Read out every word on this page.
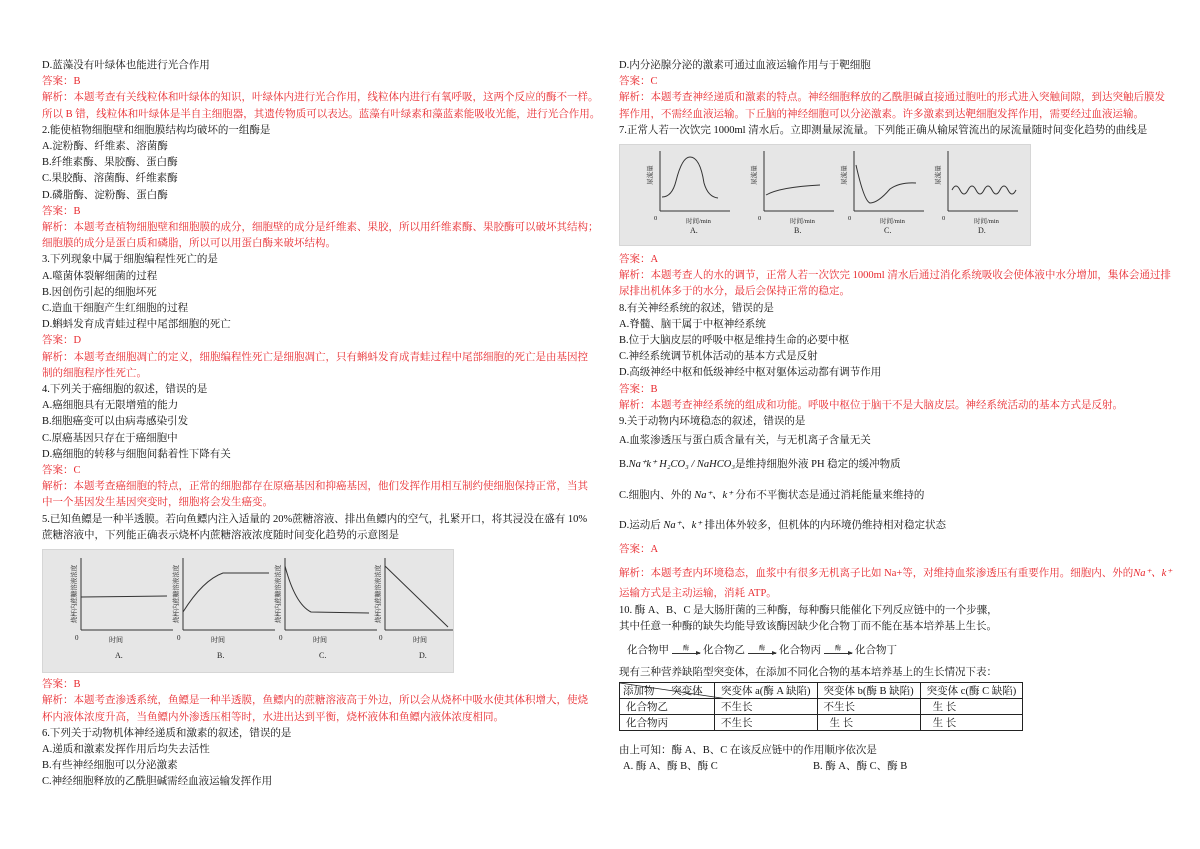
D.蓝藻没有叶绿体也能进行光合作用
答案：B
解析：本题考查有关线粒体和叶绿体的知识，叶绿体内进行光合作用，线粒体内进行有氧呼吸，这两个反应的酶不一样。
所以 B 错，线粒体和叶绿体是半自主细胞器，其遗传物质可以表达。蓝藻有叶绿素和藻蓝素能吸收光能，进行光合作用。
2.能使植物细胞壁和细胞膜结构均破坏的一组酶是
A.淀粉酶、纤维素、溶菌酶
B.纤维素酶、果胶酶、蛋白酶
C.果胶酶、溶菌酶、纤维素酶
D.磷脂酶、淀粉酶、蛋白酶
答案：B
解析：本题考查植物细胞壁和细胞膜的成分，细胞壁的成分是纤维素、果胶，所以用纤维素酶、果胶酶可以破坏其结构；
细胞膜的成分是蛋白质和磷脂，所以可以用蛋白酶来破坏结构。
3.下列现象中属于细胞编程性死亡的是
A.噬菌体裂解细菌的过程
B.因创伤引起的细胞坏死
C.造血干细胞产生红细胞的过程
D.蝌蚪发育成青蛙过程中尾部细胞的死亡
答案：D
解析：本题考查细胞凋亡的定义，细胞编程性死亡是细胞凋亡，只有蝌蚪发育成青蛙过程中尾部细胞的死亡是由基因控
制的细胞程序性死亡。
4.下列关于癌细胞的叙述，错误的是
A.癌细胞具有无限增殖的能力
B.细胞癌变可以由病毒感染引发
C.原癌基因只存在于癌细胞中
D.癌细胞的转移与细胞间黏着性下降有关
答案：C
解析：本题考查癌细胞的特点，正常的细胞都存在原癌基因和抑癌基因，他们发挥作用相互制约使细胞保持正常，当其
中一个基因发生基因突变时，细胞将会发生癌变。
5.已知鱼鳔是一种半透膜。若向鱼鳔内注入适量的 20%蔗糖溶液、排出鱼鳔内的空气，扎紧开口，将其浸没在盛有 10%
蔗糖溶液中，下列能正确表示烧杯内蔗糖溶液浓度随时间变化趋势的示意图是
0	时间
烧杯内蔗糖溶液浓度
A.
0	时间
烧杯内蔗糖溶液浓度
B.
0	时间
烧杯内蔗糖溶液浓度
C.
0	时间
烧杯内蔗糖溶液浓度
D.
答案：B
解析：本题考查渗透系统，鱼鳔是一种半透膜，鱼鳔内的蔗糖溶液高于外边，所以会从烧杯中吸水使其体积增大，使烧
杯内液体浓度升高，当鱼鳔内外渗透压相等时，水进出达到平衡，烧杯液体和鱼鳔内液体浓度相同。
6.下列关于动物机体神经递质和激素的叙述，错误的是
A.递质和激素发挥作用后均失去活性
B.有些神经细胞可以分泌激素
C.神经细胞释放的乙酰胆碱需经血液运输发挥作用
D.内分泌腺分泌的激素可通过血液运输作用与于靶细胞
答案：C
解析：本题考查神经递质和激素的特点。神经细胞释放的乙酰胆碱直接通过胞吐的形式进入突触间隙，到达突触后膜发
挥作用，不需经血液运输。下丘脑的神经细胞可以分泌激素。许多激素到达靶细胞发挥作用，需要经过血液运输。
7.正常人若一次饮完 1000ml 清水后。立即测量尿流量。下列能正确从输尿管流出的尿流量随时间变化趋势的曲线是
0	时间/min
尿流量
A.
0	时间/min
尿流量
B.
0	时间/min
尿流量
C.
0	时间/min
尿流量
D.
答案：A
解析：本题考查人的水的调节，正常人若一次饮完 1000ml 清水后通过消化系统吸收会使体液中水分增加，集体会通过排
尿排出机体多于的水分，最后会保持正常的稳定。
8.有关神经系统的叙述，错误的是
A.脊髓、脑干属于中枢神经系统
B.位于大脑皮层的呼吸中枢是维持生命的必要中枢
C.神经系统调节机体活动的基本方式是反射
D.高级神经中枢和低级神经中枢对躯体运动都有调节作用
答案：B
解析：本题考查神经系统的组成和功能。呼吸中枢位于脑干不是大脑皮层。神经系统活动的基本方式是反射。
9.关于动物内环境稳态的叙述，错误的是
A.血浆渗透压与蛋白质含量有关，与无机离子含量无关
B.Na⁺k⁺ H₂CO₃ / NaHCO₃是维持细胞外液 PH 稳定的缓冲物质
C.细胞内、外的 Na⁺、k⁺ 分布不平衡状态是通过消耗能量来维持的
D.运动后 Na⁺、k⁺ 排出体外较多，但机体的内环境仍维持相对稳定状态
答案：A
解析：本题考查内环境稳态，血浆中有很多无机离子比如 Na+等，对维持血浆渗透压有重要作用。细胞内、外的Na⁺、k⁺
运输方式是主动运输，消耗 ATP。
10. 酶 A、B、C 是大肠肝菌的三种酶，每种酶只能催化下列反应链中的一个步骤，
其中任意一种酶的缺失均能导致该酶因缺少化合物丁而不能在基本培养基上生长。
化合物甲 酶 化合物乙 酶 化合物丙 酶 化合物丁
现有三种营养缺陷型突变体，在添加不同化合物的基本培养基上的生长情况下表：
添加物 突变体	突变体 a(酶 A 缺陷)	突变体 b(酶 B 缺陷)	突变体 c(酶 C 缺陷)
化合物乙	不生长	不生长	生 长
化合物丙	不生长	生 长	生 长
由上可知：酶 A、B、C 在该反应链中的作用顺序依次是
A. 酶 A、酶 B、酶 C	B. 酶 A、酶 C、酶 B
